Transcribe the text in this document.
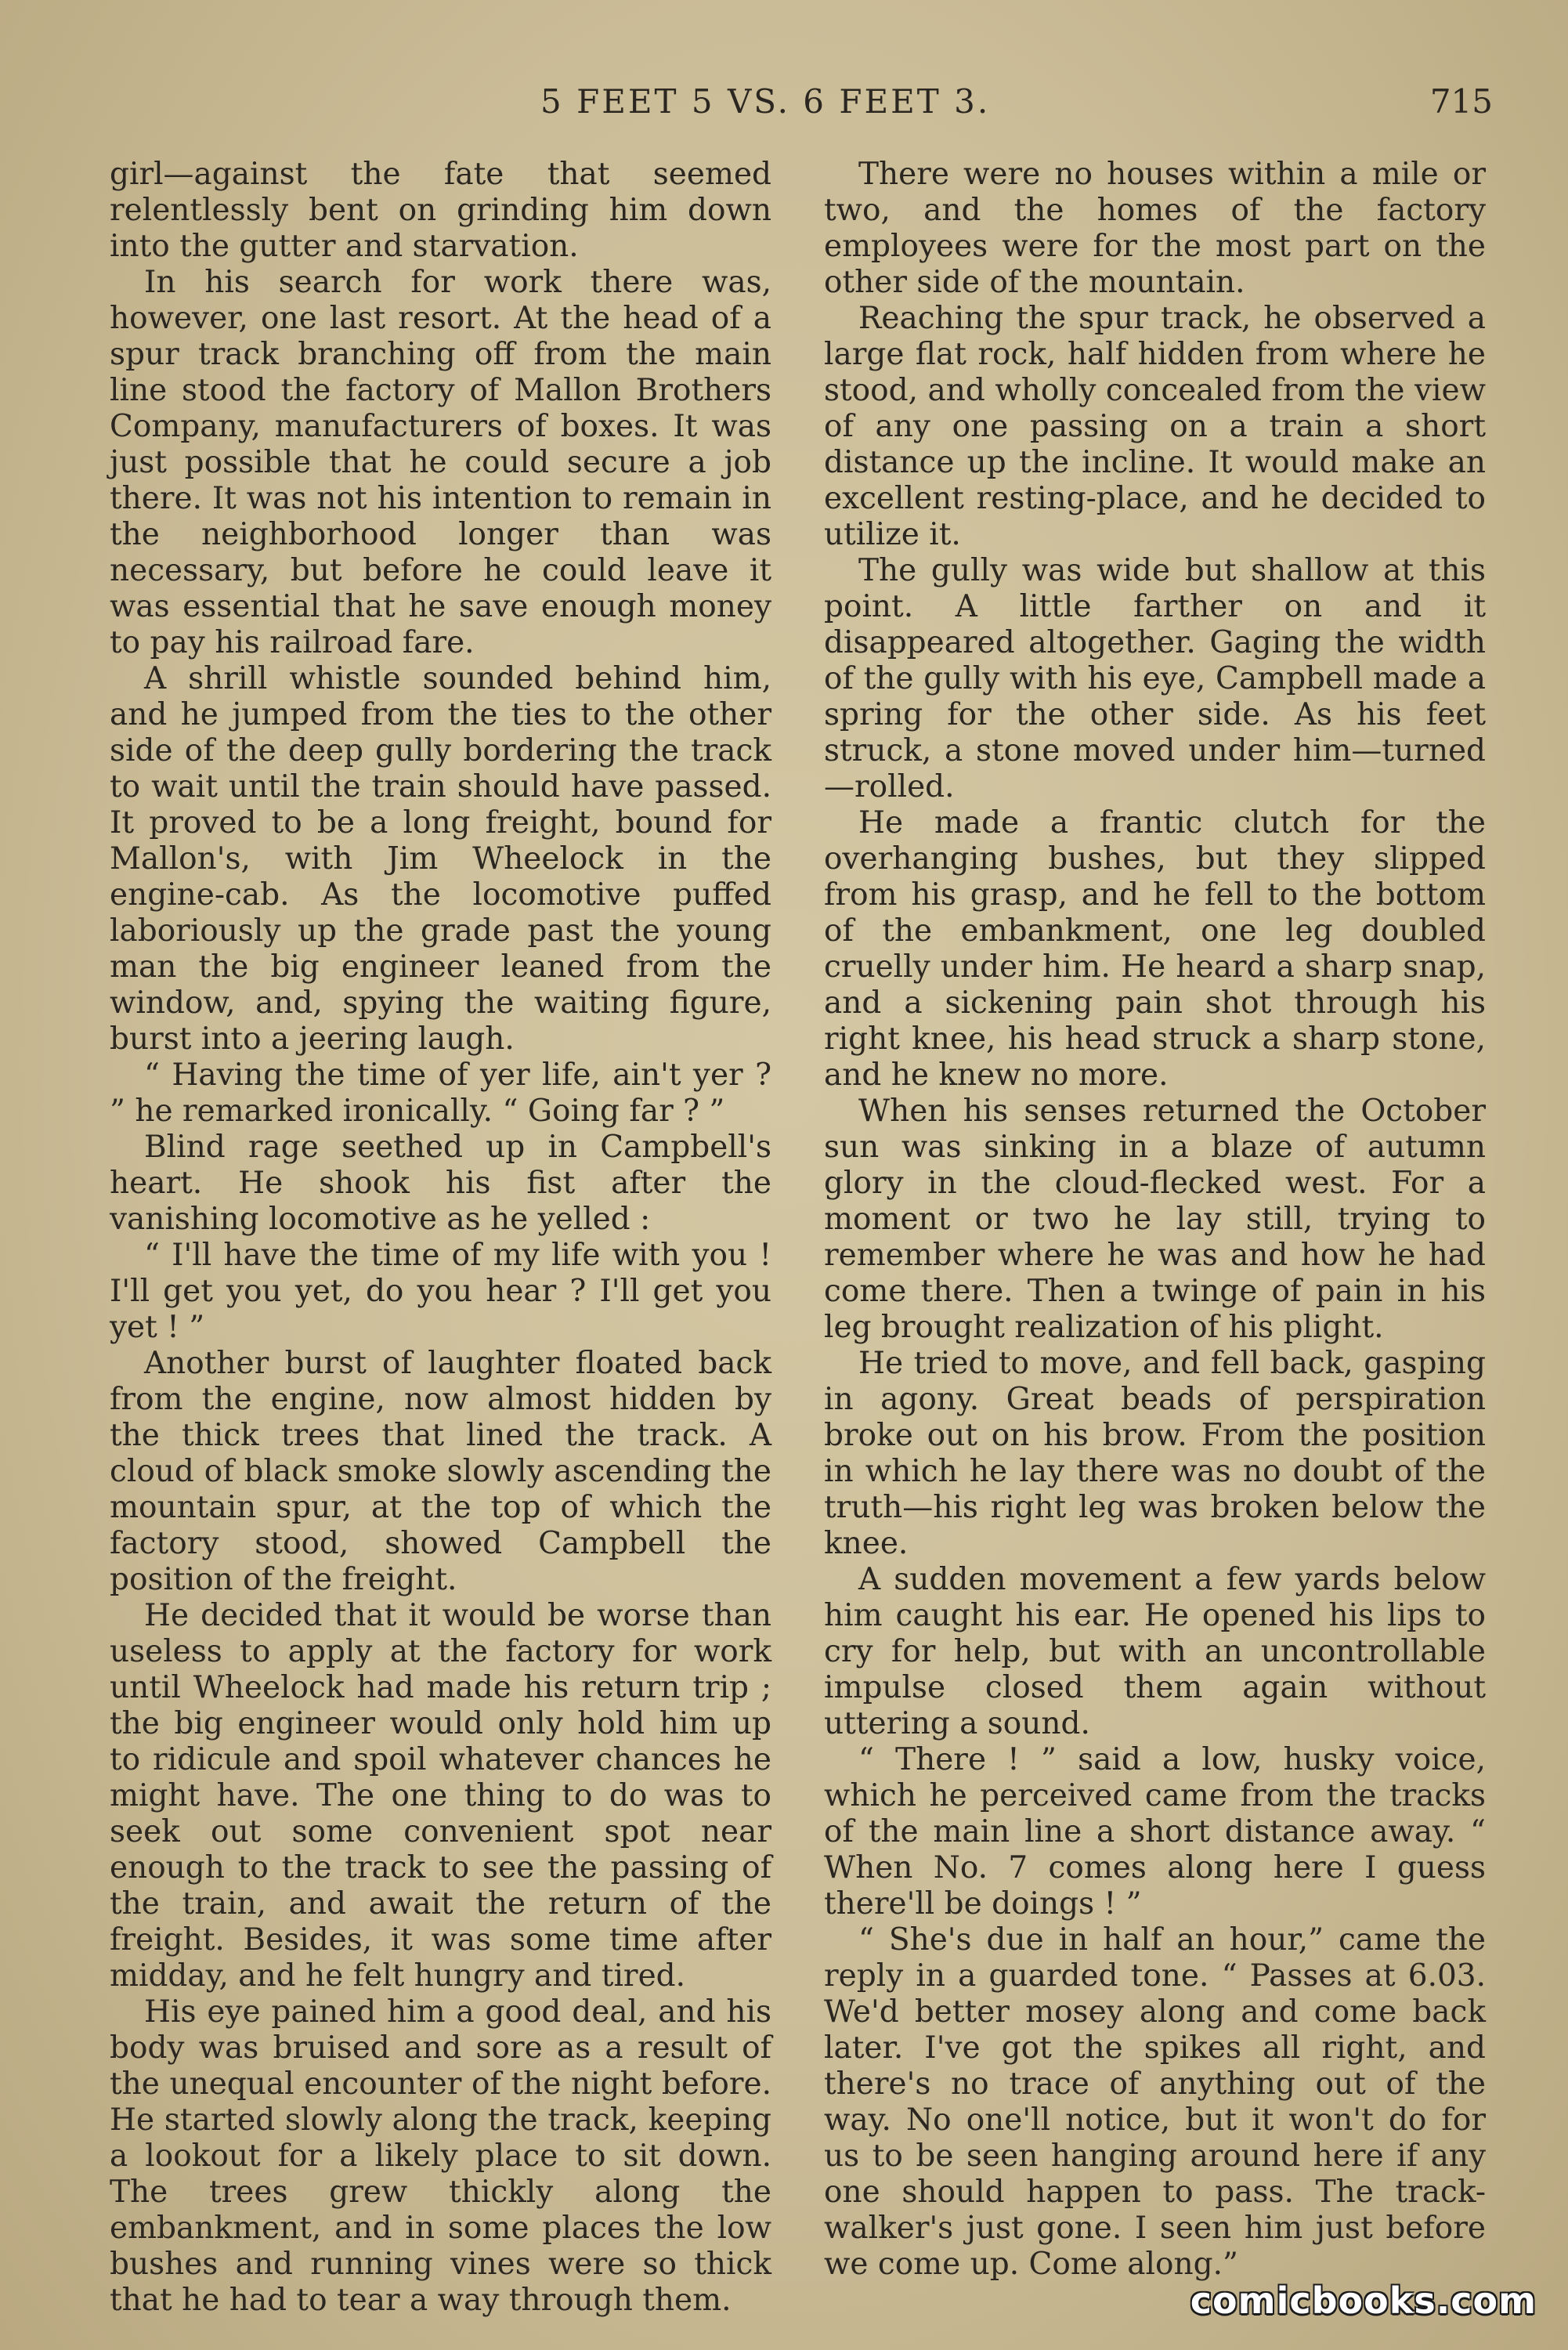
5 FEET 5 VS. 6 FEET 3.	715

girl—against the fate that seemed relentlessly bent on grinding him down into the gutter and starvation.

In his search for work there was, however, one last resort. At the head of a spur track branching off from the main line stood the factory of Mallon Brothers Company, manufacturers of boxes. It was just possible that he could secure a job there. It was not his intention to remain in the neighborhood longer than was necessary, but before he could leave it was essential that he save enough money to pay his railroad fare.

A shrill whistle sounded behind him, and he jumped from the ties to the other side of the deep gully bordering the track to wait until the train should have passed. It proved to be a long freight, bound for Mallon's, with Jim Wheelock in the engine-cab. As the locomotive puffed laboriously up the grade past the young man the big engineer leaned from the window, and, spying the waiting figure, burst into a jeering laugh.

“ Having the time of yer life, ain't yer ? ” he remarked ironically. “ Going far ? ”

Blind rage seethed up in Campbell's heart. He shook his fist after the vanishing locomotive as he yelled :

“ I'll have the time of my life with you ! I'll get you yet, do you hear ? I'll get you yet ! ”

Another burst of laughter floated back from the engine, now almost hidden by the thick trees that lined the track. A cloud of black smoke slowly ascending the mountain spur, at the top of which the factory stood, showed Campbell the position of the freight.

He decided that it would be worse than useless to apply at the factory for work until Wheelock had made his return trip ; the big engineer would only hold him up to ridicule and spoil whatever chances he might have. The one thing to do was to seek out some convenient spot near enough to the track to see the passing of the train, and await the return of the freight. Besides, it was some time after midday, and he felt hungry and tired.

His eye pained him a good deal, and his body was bruised and sore as a result of the unequal encounter of the night before. He started slowly along the track, keeping a lookout for a likely place to sit down. The trees grew thickly along the embankment, and in some places the low bushes and running vines were so thick that he had to tear a way through them.

There were no houses within a mile or two, and the homes of the factory employees were for the most part on the other side of the mountain.

Reaching the spur track, he observed a large flat rock, half hidden from where he stood, and wholly concealed from the view of any one passing on a train a short distance up the incline. It would make an excellent resting-place, and he decided to utilize it.

The gully was wide but shallow at this point. A little farther on and it disappeared altogether. Gaging the width of the gully with his eye, Campbell made a spring for the other side. As his feet struck, a stone moved under him—turned—rolled.

He made a frantic clutch for the overhanging bushes, but they slipped from his grasp, and he fell to the bottom of the embankment, one leg doubled cruelly under him. He heard a sharp snap, and a sickening pain shot through his right knee, his head struck a sharp stone, and he knew no more.

When his senses returned the October sun was sinking in a blaze of autumn glory in the cloud-flecked west. For a moment or two he lay still, trying to remember where he was and how he had come there. Then a twinge of pain in his leg brought realization of his plight.

He tried to move, and fell back, gasping in agony. Great beads of perspiration broke out on his brow. From the position in which he lay there was no doubt of the truth—his right leg was broken below the knee.

A sudden movement a few yards below him caught his ear. He opened his lips to cry for help, but with an uncontrollable impulse closed them again without uttering a sound.

“ There ! ” said a low, husky voice, which he perceived came from the tracks of the main line a short distance away. “ When No. 7 comes along here I guess there'll be doings ! ”

“ She's due in half an hour,” came the reply in a guarded tone. “ Passes at 6.03. We'd better mosey along and come back later. I've got the spikes all right, and there's no trace of anything out of the way. No one'll notice, but it won't do for us to be seen hanging around here if any one should happen to pass. The track-walker's just gone. I seen him just before we come up. Come along.”

comicbooks.com
